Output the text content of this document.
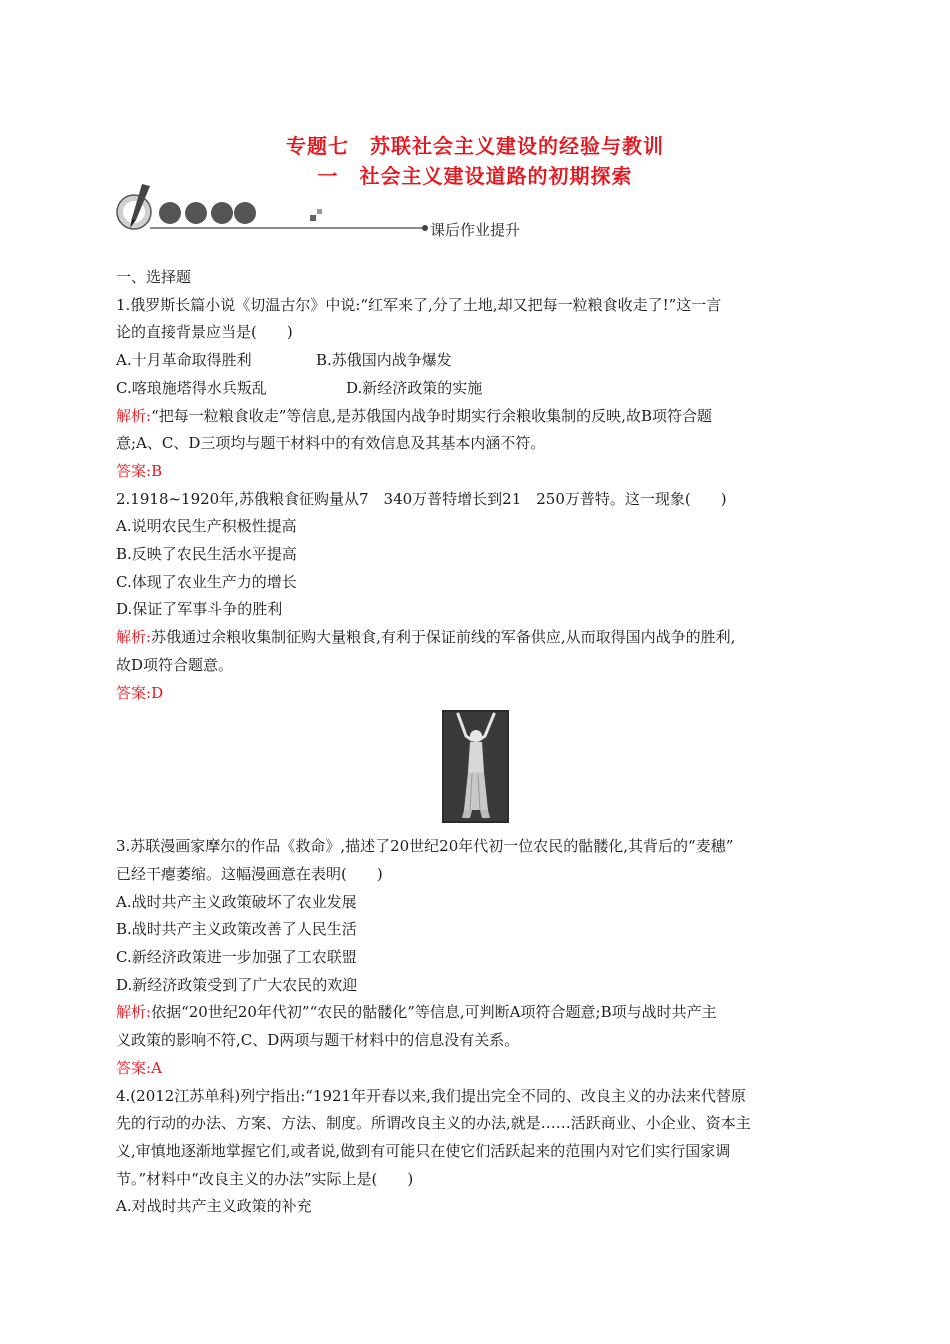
专题七　苏联社会主义建设的经验与教训
一　社会主义建设道路的初期探索
课后作业提升
一、选择题
1.俄罗斯长篇小说《切温古尔》中说:“红军来了,分了土地,却又把每一粒粮食收走了!”这一言
论的直接背景应当是(　　)
A.十月革命取得胜利	B.苏俄国内战争爆发
C.喀琅施塔得水兵叛乱	D.新经济政策的实施
解析:“把每一粒粮食收走”等信息,是苏俄国内战争时期实行余粮收集制的反映,故B项符合题
意;A、C、D三项均与题干材料中的有效信息及其基本内涵不符。
答案:B
2.1918~1920年,苏俄粮食征购量从7　340万普特增长到21　250万普特。这一现象(　　)
A.说明农民生产积极性提高
B.反映了农民生活水平提高
C.体现了农业生产力的增长
D.保证了军事斗争的胜利
解析:苏俄通过余粮收集制征购大量粮食,有利于保证前线的军备供应,从而取得国内战争的胜利,
故D项符合题意。
答案:D
3.苏联漫画家摩尔的作品《救命》,描述了20世纪20年代初一位农民的骷髅化,其背后的“麦穗”
已经干瘪萎缩。这幅漫画意在表明(　　)
A.战时共产主义政策破坏了农业发展
B.战时共产主义政策改善了人民生活
C.新经济政策进一步加强了工农联盟
D.新经济政策受到了广大农民的欢迎
解析:依据“20世纪20年代初”“农民的骷髅化”等信息,可判断A项符合题意;B项与战时共产主
义政策的影响不符,C、D两项与题干材料中的信息没有关系。
答案:A
4.(2012江苏单科)列宁指出:“1921年开春以来,我们提出完全不同的、改良主义的办法来代替原
先的行动的办法、方案、方法、制度。所谓改良主义的办法,就是……活跃商业、小企业、资本主
义,审慎地逐渐地掌握它们,或者说,做到有可能只在使它们活跃起来的范围内对它们实行国家调
节。”材料中“改良主义的办法”实际上是(　　)
A.对战时共产主义政策的补充
